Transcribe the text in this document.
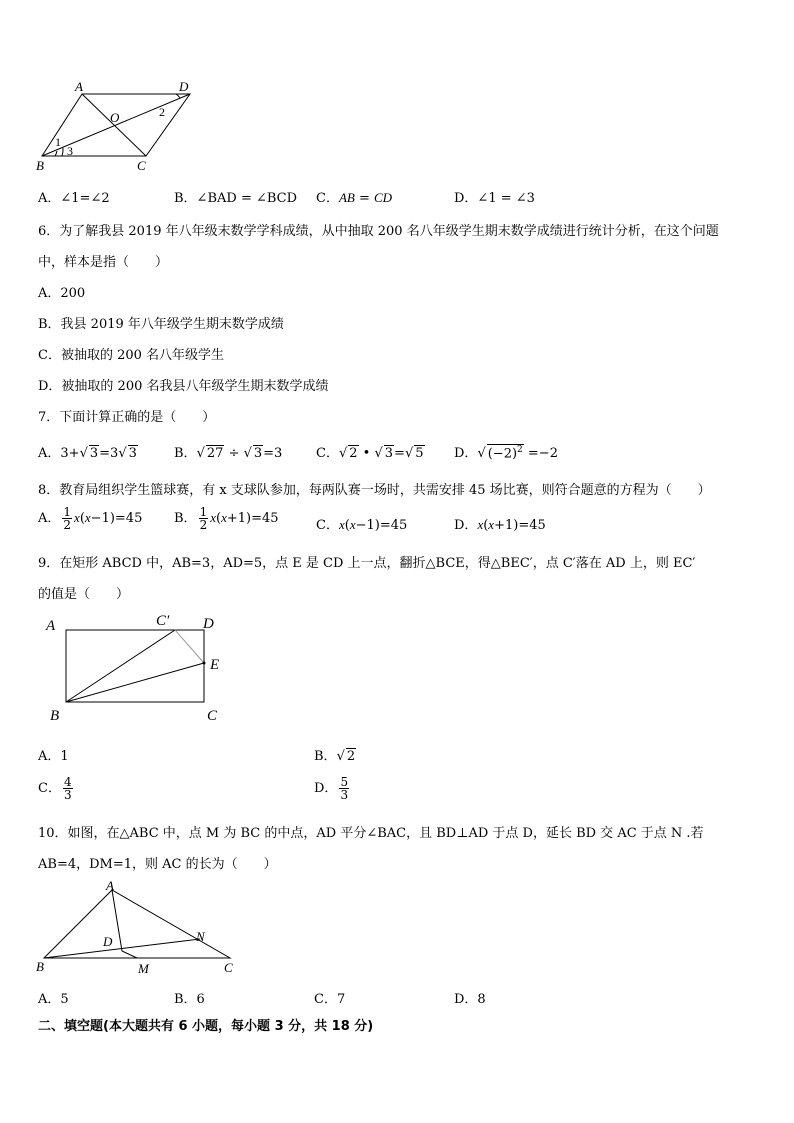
A	D
O
B	C
1
2
3
A．∠1=∠2	B．∠BAD = ∠BCD C．AB = CD	D．∠1 = ∠3
6．为了解我县 2019 年八年级末数学学科成绩，从中抽取 200 名八年级学生期末数学成绩进行统计分析，在这个问题
中，样本是指（　　）
A．200
B．我县 2019 年八年级学生期末数学成绩
C．被抽取的 200 名八年级学生
D．被抽取的 200 名我县八年级学生期末数学成绩
7．下面计算正确的是（　　）
A．3+√ 3=3√ 3	B．√ 27 ÷ √ 3=3	C．√ 2 • √ 3=√ 5 D．√ $(-2)^2 =-2$
8．教育局组织学生篮球赛，有 x 支球队参加，每两队赛一场时，共需安排 45 场比赛，则符合题意的方程为（　　）
A． $\frac{1}{2} x(x-1)=45$ B． $\frac{1}{2} x(x+1)=45$	C．x(x−1)=45	D．x(x+1)=45
9．在矩形 ABCD 中，AB=3，AD=5，点 E 是 CD 上一点，翻折△BCE，得△BEC′，点 C′落在 AD 上，则 EC′
的值是（　　）
A	C′ D
E
B	C
A．1	B．√ 2
C． $\frac{4}{3}$	D． $\frac{5}{3}$
10．如图，在△ABC 中，点 M 为 BC 的中点，AD 平分∠BAC，且 BD⊥AD 于点 D，延长 BD 交 AC 于点 N .若
AB=4，DM=1，则 AC 的长为（　　）
A
D	N
B	M	C
A．5	B．6	C．7	D．8
二、填空题(本大题共有 6 小题，每小题 3 分，共 18 分)
